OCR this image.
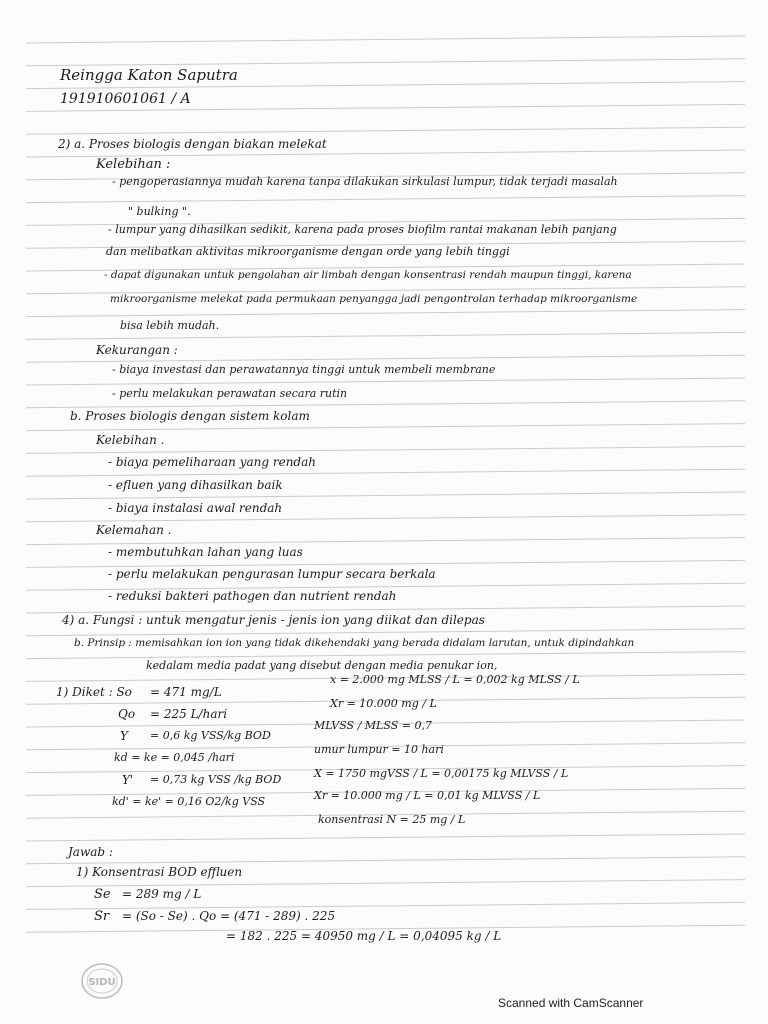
Reingga Katon Saputra
191910601061 / A
2) a. Proses biologis dengan biakan melekat
Kelebihan :
- pengoperasiannya mudah karena tanpa dilakukan sirkulasi lumpur, tidak terjadi masalah
" bulking ".
- lumpur yang dihasilkan sedikit, karena pada proses biofilm rantai makanan lebih panjang
dan melibatkan aktivitas mikroorganisme dengan orde yang lebih tinggi
- dapat digunakan untuk pengolahan air limbah dengan konsentrasi rendah maupun tinggi, karena
mikroorganisme melekat pada permukaan penyangga jadi pengontrolan terhadap mikroorganisme
bisa lebih mudah.
Kekurangan :
- biaya investasi dan perawatannya tinggi untuk membeli membrane
- perlu melakukan perawatan secara rutin
b. Proses biologis dengan sistem kolam
Kelebihan .
- biaya pemeliharaan yang rendah
- efluen yang dihasilkan baik
- biaya instalasi awal rendah
Kelemahan .
- membutuhkan lahan yang luas
- perlu melakukan pengurasan lumpur secara berkala
- reduksi bakteri pathogen dan nutrient rendah
4) a. Fungsi : untuk mengatur jenis - jenis ion yang diikat dan dilepas
b. Prinsip : memisahkan ion ion yang tidak dikehendaki yang berada didalam larutan, untuk dipindahkan
kedalam media padat yang disebut dengan media penukar ion,
1) Diket : So = 471 mg/L
Qo = 225 L/hari
Y = 0,6 kg VSS/kg BOD
kd = ke = 0,045 /hari
Y' = 0,73 kg VSS /kg BOD
kd' = ke' = 0,16 O2/kg VSS
x = 2.000 mg MLSS / L = 0,002 kg MLSS / L
Xr = 10.000 mg / L
MLVSS / MLSS = 0,7
umur lumpur = 10 hari
X = 1750 mgVSS / L = 0,00175 kg MLVSS / L
Xr = 10.000 mg / L = 0,01 kg MLVSS / L
konsentrasi N = 25 mg / L
Jawab :
1) Konsentrasi BOD effluen
Se = 289 mg / L
Sr = (So - Se) . Qo = (471 - 289) . 225
= 182 . 225 = 40950 mg / L = 0,04095 kg / L
SIDU
Scanned with CamScanner
